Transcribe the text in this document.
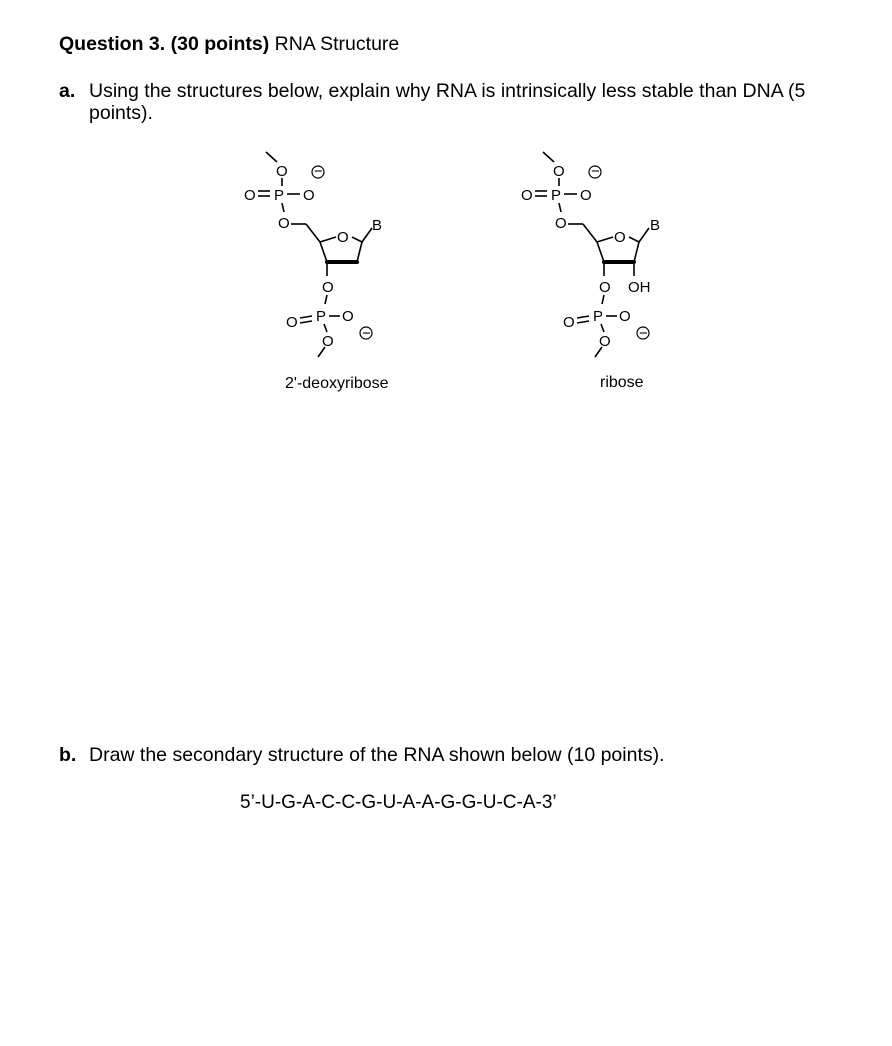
Question 3. (30 points) RNA Structure
a. Using the structures below, explain why RNA is intrinsically less stable than DNA (5 points).
O −
O P O
O
O
B
O
O P O
O −
2'-deoxyribose
O −
O P O
O
O
B
O OH
O P O
O −
ribose
b. Draw the secondary structure of the RNA shown below (10 points).
5’-U-G-A-C-C-G-U-A-A-G-G-U-C-A-3’
